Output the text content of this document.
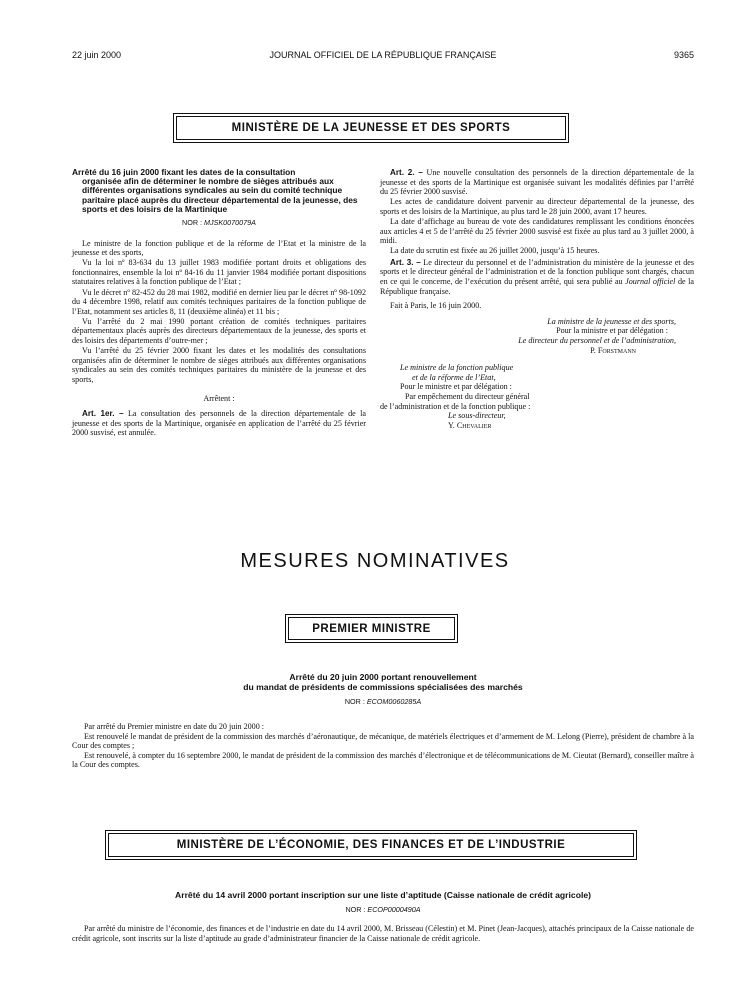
22 juin 2000	JOURNAL OFFICIEL DE LA RÉPUBLIQUE FRANÇAISE	9365
MINISTÈRE DE LA JEUNESSE ET DES SPORTS
Arrêté du 16 juin 2000 fixant les dates de la consultation
organisée afin de déterminer le nombre de sièges attribués aux différentes organisations syndicales au sein du comité technique paritaire placé auprès du directeur départemental de la jeunesse, des sports et des loisirs de la Martinique
NOR : MJSK0070079A

Le ministre de la fonction publique et de la réforme de l’Etat et la ministre de la jeunesse et des sports,

Vu la loi nº 83-634 du 13 juillet 1983 modifiée portant droits et obligations des fonctionnaires, ensemble la loi nº 84-16 du 11 janvier 1984 modifiée portant dispositions statutaires relatives à la fonction publique de l’Etat ;

Vu le décret nº 82-452 du 28 mai 1982, modifié en dernier lieu par le décret nº 98-1092 du 4 décembre 1998, relatif aux comités techniques paritaires de la fonction publique de l’Etat, notamment ses articles 8, 11 (deuxième alinéa) et 11 bis ;

Vu l’arrêté du 2 mai 1990 portant création de comités techniques paritaires départementaux placés auprès des directeurs départementaux de la jeunesse, des sports et des loisirs des départements d’outre-mer ;

Vu l’arrêté du 25 février 2000 fixant les dates et les modalités des consultations organisées afin de déterminer le nombre de sièges attribués aux différentes organisations syndicales au sein des comités techniques paritaires du ministère de la jeunesse et des sports,

Arrêtent :

Art. 1er. – La consultation des personnels de la direction départementale de la jeunesse et des sports de la Martinique, organisée en application de l’arrêté du 25 février 2000 susvisé, est annulée.

Art. 2. – Une nouvelle consultation des personnels de la direction départementale de la jeunesse et des sports de la Martinique est organisée suivant les modalités définies par l’arrêté du 25 février 2000 susvisé.

Les actes de candidature doivent parvenir au directeur départemental de la jeunesse, des sports et des loisirs de la Martinique, au plus tard le 28 juin 2000, avant 17 heures.

La date d’affichage au bureau de vote des candidatures remplissant les conditions énoncées aux articles 4 et 5 de l’arrêté du 25 février 2000 susvisé est fixée au plus tard au 3 juillet 2000, à midi.

La date du scrutin est fixée au 26 juillet 2000, jusqu’à 15 heures.

Art. 3. – Le directeur du personnel et de l’administration du ministère de la jeunesse et des sports et le directeur général de l’administration et de la fonction publique sont chargés, chacun en ce qui le concerne, de l’exécution du présent arrêté, qui sera publié au Journal officiel de la République française.

Fait à Paris, le 16 juin 2000.

La ministre de la jeunesse et des sports,
Pour la ministre et par délégation :
Le directeur du personnel et de l’administration,
P. Forstmann
Le ministre de la fonction publique
et de la réforme de l’Etat,
Pour le ministre et par délégation :
Par empêchement du directeur général
de l’administration et de la fonction publique :
Le sous-directeur,
Y. Chevalier
MESURES NOMINATIVES
PREMIER MINISTRE
Arrêté du 20 juin 2000 portant renouvellement
du mandat de présidents de commissions spécialisées des marchés
NOR : ECOM0060285A

Par arrêté du Premier ministre en date du 20 juin 2000 :

Est renouvelé le mandat de président de la commission des marchés d’aéronautique, de mécanique, de matériels électriques et d’armement de M. Lelong (Pierre), président de chambre à la Cour des comptes ;

Est renouvelé, à compter du 16 septembre 2000, le mandat de président de la commission des marchés d’électronique et de télécommunications de M. Cieutat (Bernard), conseiller maître à la Cour des comptes.

MINISTÈRE DE L’ÉCONOMIE, DES FINANCES ET DE L’INDUSTRIE
Arrêté du 14 avril 2000 portant inscription sur une liste d’aptitude (Caisse nationale de crédit agricole)
NOR : ECOP0000490A

Par arrêté du ministre de l’économie, des finances et de l’industrie en date du 14 avril 2000, M. Brisseau (Célestin) et M. Pinet (Jean-Jacques), attachés principaux de la Caisse nationale de crédit agricole, sont inscrits sur la liste d’aptitude au grade d’administrateur financier de la Caisse nationale de crédit agricole.
